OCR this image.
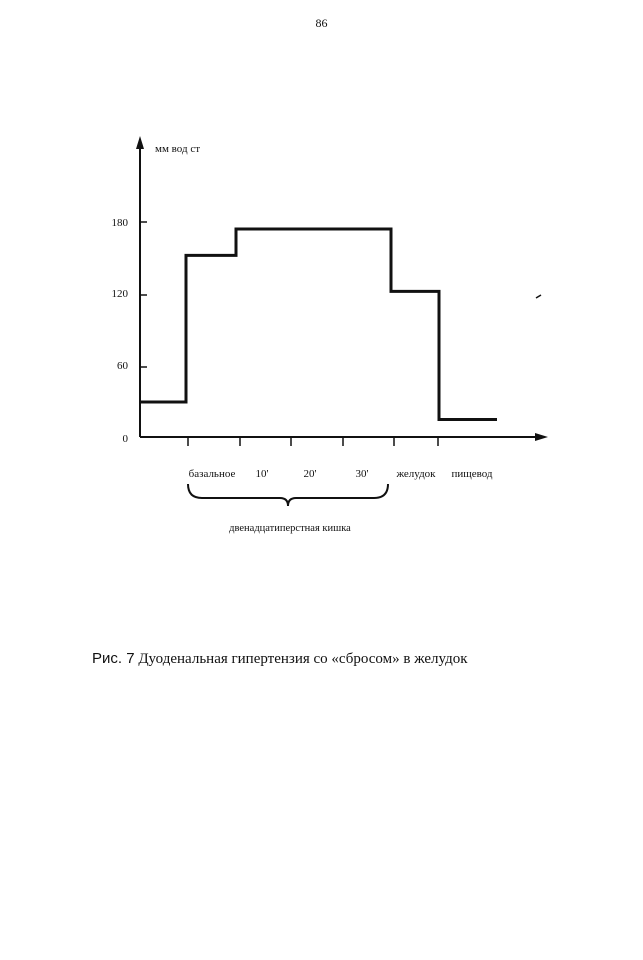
86
0
60
120
180
базальное 10'	20'	30'	желудок пищевод
мм вод ст
двенадцатиперстная кишка
Рис. 7 Дуоденальная гипертензия со «сбросом» в желудок
